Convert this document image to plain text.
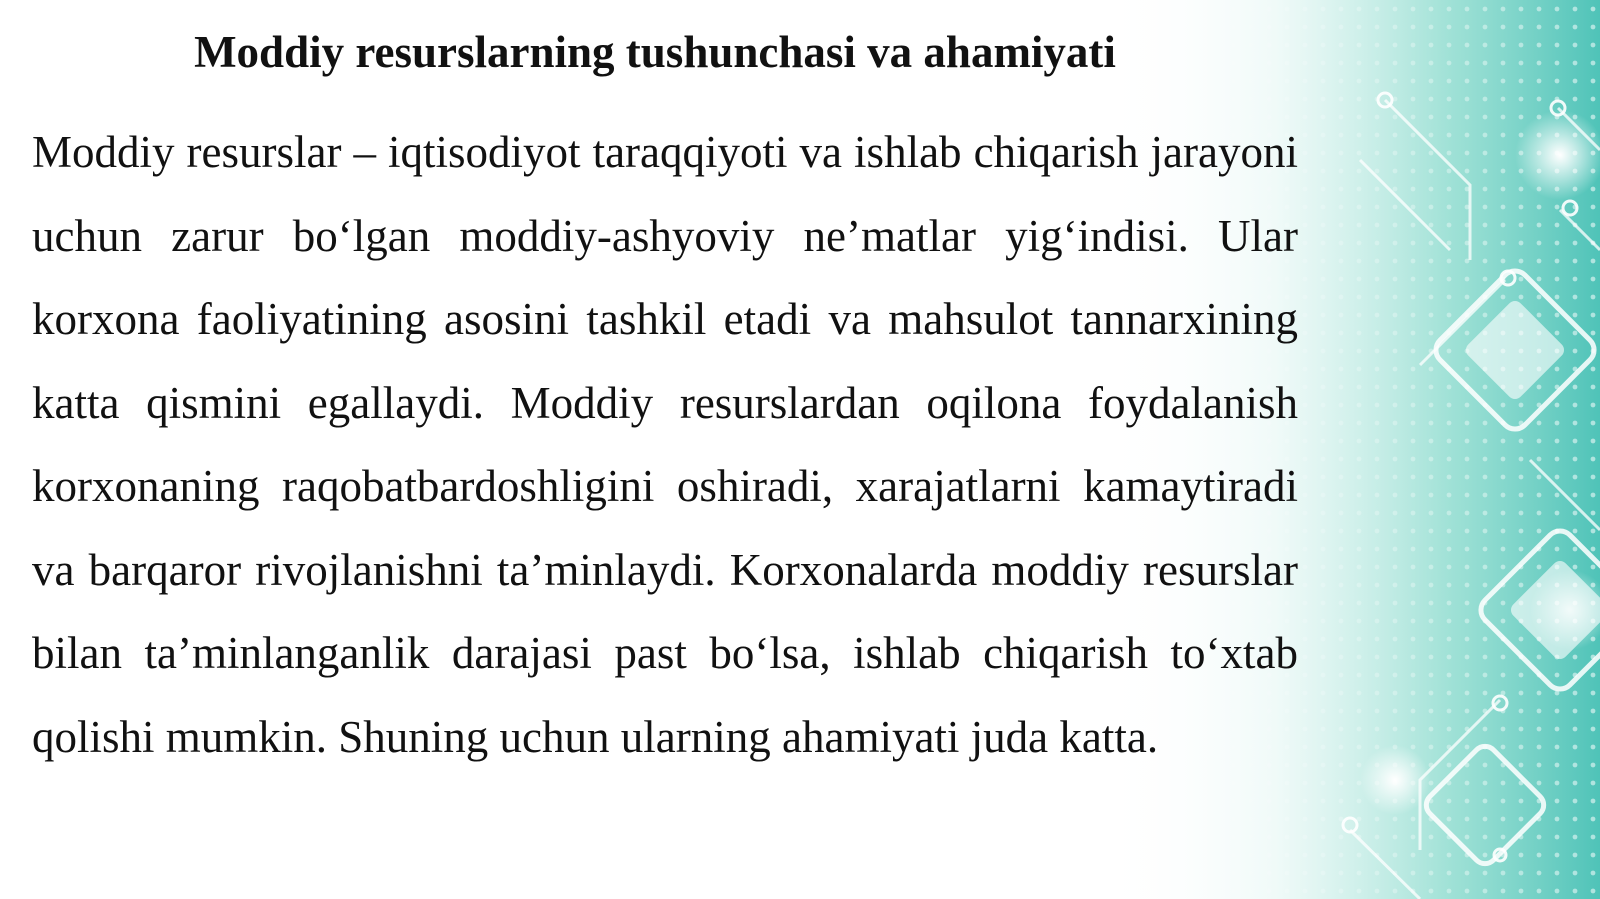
Moddiy resurslarning tushunchasi va ahamiyati

Moddiy resurslar – iqtisodiyot taraqqiyoti va ishlab chiqarish jarayoni uchun zarur bo‘lgan moddiy-ashyoviy ne’matlar yig‘indisi. Ular korxona faoliyatining asosini tashkil etadi va mahsulot tannarxining katta qismini egallaydi. Moddiy resurslardan oqilona foydalanish korxonaning raqobatbardoshligini oshiradi, xarajatlarni kamaytiradi va barqaror rivojlanishni ta’minlaydi. Korxonalarda moddiy resurslar bilan ta’minlanganlik darajasi past bo‘lsa, ishlab chiqarish to‘xtab qolishi mumkin. Shuning uchun ularning ahamiyati juda katta.
